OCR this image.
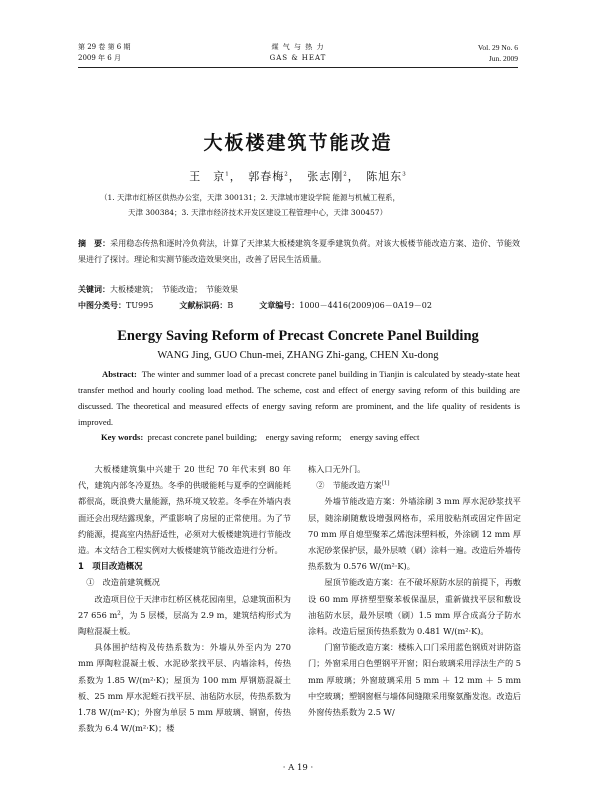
第 29 卷 第 6 期
2009 年 6 月
煤 气 与 热 力
GAS & HEAT
Vol. 29 No. 6
Jun. 2009
大板楼建筑节能改造
王　京$^1$，　郭春梅$^2$，　张志刚$^2$，　陈旭东$^3$
（1. 天津市红桥区供热办公室，天津 300131；2. 天津城市建设学院 能源与机械工程系，
天津 300384；3. 天津市经济技术开发区建设工程管理中心，天津 300457）
摘　要：采用稳态传热和逐时冷负荷法，计算了天津某大板楼建筑冬夏季建筑负荷。对该大板楼节能改造方案、造价、节能效果进行了探讨。理论和实测节能改造效果突出，改善了居民生活质量。
关键词：大板楼建筑；　节能改造；　节能效果
中图分类号：TU995	文献标识码：B	文章编号：1000－4416(2009)06－0A19－02
Energy Saving Reform of Precast Concrete Panel Building
WANG Jing, GUO Chun-mei, ZHANG Zhi-gang, CHEN Xu-dong
Abstract: The winter and summer load of a precast concrete panel building in Tianjin is calculated by steady-state heat transfer method and hourly cooling load method. The scheme, cost and effect of energy saving reform of this building are discussed. The theoretical and measured effects of energy saving reform are prominent, and the life quality of residents is improved.
Key words: precast concrete panel building;　energy saving reform;　energy saving effect

大板楼建筑集中兴建于 20 世纪 70 年代末到 80 年代，建筑内部冬冷夏热。冬季的供暖能耗与夏季的空调能耗都很高，既浪费大量能源，热环境又较差。冬季在外墙内表面还会出现结露现象，严重影响了房屋的正常使用。为了节约能源，提高室内热舒适性，必须对大板楼建筑进行节能改造。本文结合工程实例对大板楼建筑节能改造进行分析。

1　项目改造概况

①　改造前建筑概况

改造项目位于天津市红桥区桃花园南里，总建筑面积为 27 656 $m^2$，为 5 层楼，层高为 2.9 m，建筑结构形式为陶粒混凝土板。

具体围护结构及传热系数为：外墙从外至内为 270 mm 厚陶粒混凝土板、水泥砂浆找平层、内墙涂料，传热系数为 1.85 W/(m²·K)；屋顶为 100 mm 厚钢筋混凝土板、25 mm 厚水泥蛭石找平层、油毡防水层，传热系数为 1.78 W/(m²·K)；外窗为单层 5 mm 厚玻璃、钢窗，传热系数为 6.4 W/(m²·K)；楼

栋入口无外门。

②　节能改造方案[1]

外墙节能改造方案：外墙涂刷 3 mm 厚水泥砂浆找平层，随涂刷随敷设增强网格布，采用胶粘剂或固定件固定 70 mm 厚自熄型聚苯乙烯泡沫塑料板，外涂刷 12 mm 厚水泥砂浆保护层，最外层喷（刷）涂料一遍。改造后外墙传热系数为 0.576 W/(m²·K)。

屋顶节能改造方案：在不破坏原防水层的前提下，再敷设 60 mm 厚挤塑型聚苯板保温层，重新做找平层和敷设油毡防水层，最外层喷（刷）1.5 mm 厚合成高分子防水涂料。改造后屋顶传热系数为 0.481 W/(m²·K)。

门窗节能改造方案：楼栋入口门采用蓝色钢质对讲防盗门；外窗采用白色塑钢平开窗；阳台玻璃采用浮法生产的 5 mm 厚玻璃；外窗玻璃采用 5 mm ＋ 12 mm ＋ 5 mm 中空玻璃；塑钢窗框与墙体间缝隙采用聚氨酯发泡。改造后外窗传热系数为 2.5 W/

· A 19 ·
